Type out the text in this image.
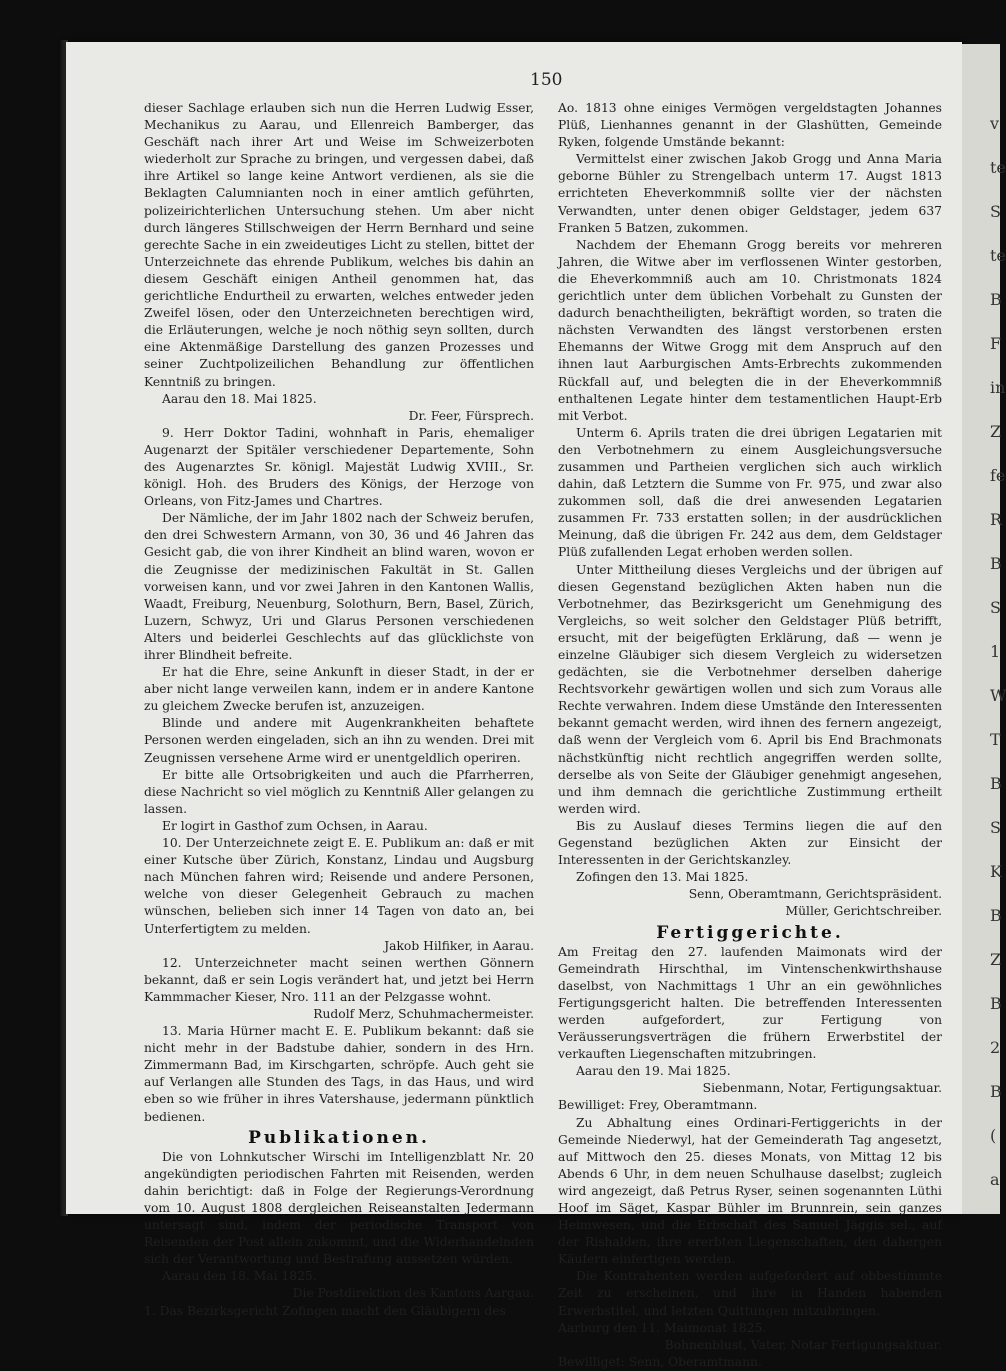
v
te
S
te
B
F
in
Z
fe
R
B
S
1
W
T
B
S
K
B
Z
B
2
B
(
a
150

dieser Sachlage erlauben sich nun die Herren Ludwig Esser, Mechanikus zu Aarau, und Ellenreich Bamberger, das Geschäft nach ihrer Art und Weise im Schweizerboten wiederholt zur Sprache zu bringen, und vergessen dabei, daß ihre Artikel so lange keine Antwort verdienen, als sie die Beklagten Calumnianten noch in einer amtlich geführten, polizeirichterlichen Untersuchung stehen. Um aber nicht durch längeres Stillschweigen der Herrn Bernhard und seine gerechte Sache in ein zweideutiges Licht zu stellen, bittet der Unterzeichnete das ehrende Publikum, welches bis dahin an diesem Geschäft einigen Antheil genommen hat, das gerichtliche Endurtheil zu erwarten, welches entweder jeden Zweifel lösen, oder den Unterzeichneten berechtigen wird, die Erläuterungen, welche je noch nöthig seyn sollten, durch eine Aktenmäßige Darstellung des ganzen Prozesses und seiner Zuchtpolizeilichen Behandlung zur öffentlichen Kenntniß zu bringen.

Aarau den 18. Mai 1825.

Dr. Feer, Fürsprech.

9. Herr Doktor Tadini, wohnhaft in Paris, ehemaliger Augenarzt der Spitäler verschiedener Departemente, Sohn des Augenarztes Sr. königl. Majestät Ludwig XVIII., Sr. königl. Hoh. des Bruders des Königs, der Herzoge von Orleans, von Fitz-James und Chartres.

Der Nämliche, der im Jahr 1802 nach der Schweiz berufen, den drei Schwestern Armann, von 30, 36 und 46 Jahren das Gesicht gab, die von ihrer Kindheit an blind waren, wovon er die Zeugnisse der medizinischen Fakultät in St. Gallen vorweisen kann, und vor zwei Jahren in den Kantonen Wallis, Waadt, Freiburg, Neuenburg, Solothurn, Bern, Basel, Zürich, Luzern, Schwyz, Uri und Glarus Personen verschiedenen Alters und beiderlei Geschlechts auf das glücklichste von ihrer Blindheit befreite.

Er hat die Ehre, seine Ankunft in dieser Stadt, in der er aber nicht lange verweilen kann, indem er in andere Kantone zu gleichem Zwecke berufen ist, anzuzeigen.

Blinde und andere mit Augenkrankheiten behaftete Personen werden eingeladen, sich an ihn zu wenden. Drei mit Zeugnissen versehene Arme wird er unentgeldlich operiren.

Er bitte alle Ortsobrigkeiten und auch die Pfarrherren, diese Nachricht so viel möglich zu Kenntniß Aller gelangen zu lassen.

Er logirt in Gasthof zum Ochsen, in Aarau.

10. Der Unterzeichnete zeigt E. E. Publikum an: daß er mit einer Kutsche über Zürich, Konstanz, Lindau und Augsburg nach München fahren wird; Reisende und andere Personen, welche von dieser Gelegenheit Gebrauch zu machen wünschen, belieben sich inner 14 Tagen von dato an, bei Unterfertigtem zu melden.

Jakob Hilfiker, in Aarau.

12. Unterzeichneter macht seinen werthen Gönnern bekannt, daß er sein Logis verändert hat, und jetzt bei Herrn Kammmacher Kieser, Nro. 111 an der Pelzgasse wohnt.

Rudolf Merz, Schuhmachermeister.

13. Maria Hürner macht E. E. Publikum bekannt: daß sie nicht mehr in der Badstube dahier, sondern in des Hrn. Zimmermann Bad, im Kirschgarten, schröpfe. Auch geht sie auf Verlangen alle Stunden des Tags, in das Haus, und wird eben so wie früher in ihres Vatershause, jedermann pünktlich bedienen.

Publikationen.

Die von Lohnkutscher Wirschi im Intelligenzblatt Nr. 20 angekündigten periodischen Fahrten mit Reisenden, werden dahin berichtigt: daß in Folge der Regierungs-Verordnung vom 10. August 1808 dergleichen Reiseanstalten Jedermann untersagt sind, indem der periodische Transport von Reisenden der Post allein zukommt, und die Widerhandelnden sich der Verantwortung und Bestrafung aussetzen würden.

Aarau den 18. Mai 1825.

Die Postdirektion des Kantons Aargau.

1. Das Bezirksgericht Zofingen macht den Gläubigern des

Ao. 1813 ohne einiges Vermögen vergeldstagten Johannes Plüß, Lienhannes genannt in der Glashütten, Gemeinde Ryken, folgende Umstände bekannt:

Vermittelst einer zwischen Jakob Grogg und Anna Maria geborne Bühler zu Strengelbach unterm 17. Augst 1813 errichteten Eheverkommniß sollte vier der nächsten Verwandten, unter denen obiger Geldstager, jedem 637 Franken 5 Batzen, zukommen.

Nachdem der Ehemann Grogg bereits vor mehreren Jahren, die Witwe aber im verflossenen Winter gestorben, die Eheverkommniß auch am 10. Christmonats 1824 gerichtlich unter dem üblichen Vorbehalt zu Gunsten der dadurch benachtheiligten, bekräftigt worden, so traten die nächsten Verwandten des längst verstorbenen ersten Ehemanns der Witwe Grogg mit dem Anspruch auf den ihnen laut Aarburgischen Amts-Erbrechts zukommenden Rückfall auf, und belegten die in der Eheverkommniß enthaltenen Legate hinter dem testamentlichen Haupt-Erb mit Verbot.

Unterm 6. Aprils traten die drei übrigen Legatarien mit den Verbotnehmern zu einem Ausgleichungsversuche zusammen und Partheien verglichen sich auch wirklich dahin, daß Letztern die Summe von Fr. 975, und zwar also zukommen soll, daß die drei anwesenden Legatarien zusammen Fr. 733 erstatten sollen; in der ausdrücklichen Meinung, daß die übrigen Fr. 242 aus dem, dem Geldstager Plüß zufallenden Legat erhoben werden sollen.

Unter Mittheilung dieses Vergleichs und der übrigen auf diesen Gegenstand bezüglichen Akten haben nun die Verbotnehmer, das Bezirksgericht um Genehmigung des Vergleichs, so weit solcher den Geldstager Plüß betrifft, ersucht, mit der beigefügten Erklärung, daß — wenn je einzelne Gläubiger sich diesem Vergleich zu widersetzen gedächten, sie die Verbotnehmer derselben daherige Rechtsvorkehr gewärtigen wollen und sich zum Voraus alle Rechte verwahren. Indem diese Umstände den Interessenten bekannt gemacht werden, wird ihnen des fernern angezeigt, daß wenn der Vergleich vom 6. April bis End Brachmonats nächstkünftig nicht rechtlich angegriffen werden sollte, derselbe als von Seite der Gläubiger genehmigt angesehen, und ihm demnach die gerichtliche Zustimmung ertheilt werden wird.

Bis zu Auslauf dieses Termins liegen die auf den Gegenstand bezüglichen Akten zur Einsicht der Interessenten in der Gerichtskanzley.

Zofingen den 13. Mai 1825.

Senn, Oberamtmann, Gerichtspräsident.

Müller, Gerichtschreiber.

Fertiggerichte.

Am Freitag den 27. laufenden Maimonats wird der Gemeindrath Hirschthal, im Vintenschenkwirthshause daselbst, von Nachmittags 1 Uhr an ein gewöhnliches Fertigungsgericht halten. Die betreffenden Interessenten werden aufgefordert, zur Fertigung von Veräusserungsverträgen die frühern Erwerbstitel der verkauften Liegenschaften mitzubringen.

Aarau den 19. Mai 1825.

Siebenmann, Notar, Fertigungsaktuar.

Bewilliget: Frey, Oberamtmann.

Zu Abhaltung eines Ordinari-Fertiggerichts in der Gemeinde Niederwyl, hat der Gemeinderath Tag angesetzt, auf Mittwoch den 25. dieses Monats, von Mittag 12 bis Abends 6 Uhr, in dem neuen Schulhause daselbst; zugleich wird angezeigt, daß Petrus Ryser, seinen sogenannten Lüthi Hoof im Säget, Kaspar Bühler im Brunnrein, sein ganzes Heimwesen, und die Erbschaft des Samuel Jäggis sel., auf der Rishalden, ihre ererbten Liegenschaften, den dahergen Käufern einfertigen werden.

Die Kontrahenten werden aufgefordert auf obbestimmte Zeit zu erscheinen, und ihre in Handen habenden Erwerbstitel, und letzten Quittungen mitzubringen.

Aarburg den 11. Maimonat 1825.

Bohnenblust, Vater, Notar Fertigungsaktuar.

Bewilliget: Senn, Oberamtmann.
